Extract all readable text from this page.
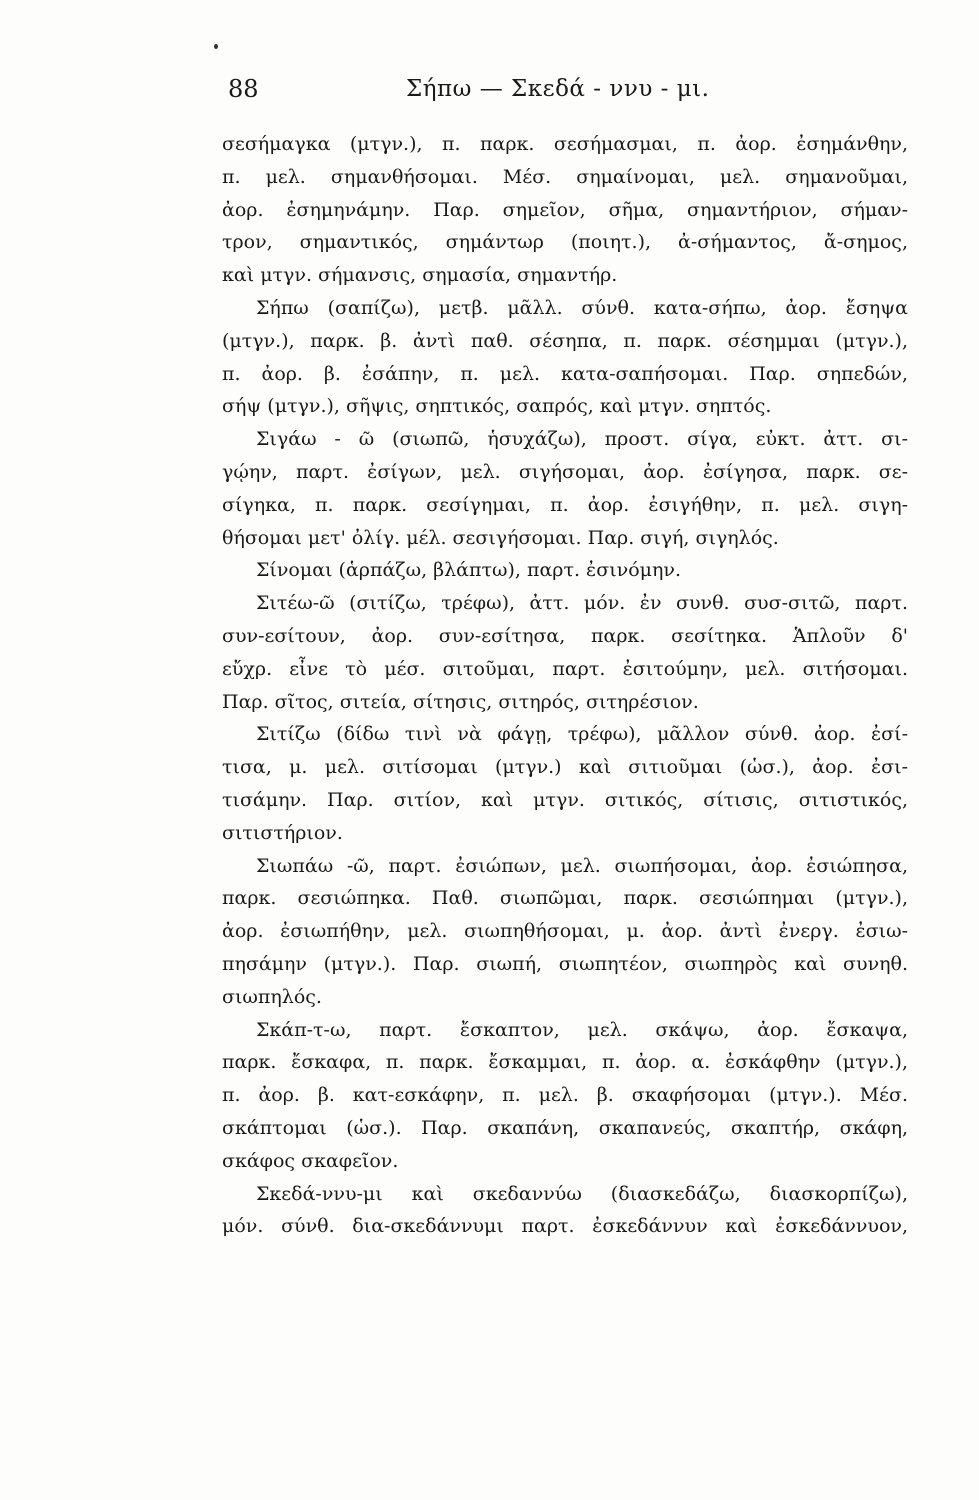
88	Σήπω — Σκεδά - ννυ - μι.
σεσήμαγκα (μτγν.), π. παρκ. σεσήμασμαι, π. ἀορ. ἐσημάνθην,
π. μελ. σημανθήσομαι. Μέσ. σημαίνομαι, μελ. σημανοῦμαι,
ἀορ. ἐσημηνάμην. Παρ. σημεῖον, σῆμα, σημαντήριον, σήμαν-
τρον, σημαντικός, σημάντωρ (ποιητ.), ἀ-σήμαντος, ἄ-σημος,
καὶ μτγν. σήμανσις, σημασία, σημαντήρ.
Σήπω (σαπίζω), μετβ. μᾶλλ. σύνθ. κατα-σήπω, ἀορ. ἔσηψα
(μτγν.), παρκ. β. ἀντὶ παθ. σέσηπα, π. παρκ. σέσημμαι (μτγν.),
π. ἀορ. β. ἐσάπην, π. μελ. κατα-σαπήσομαι. Παρ. σηπεδών,
σήψ (μτγν.), σῆψις, σηπτικός, σαπρός, καὶ μτγν. σηπτός.
Σιγάω - ῶ (σιωπῶ, ἡσυχάζω), προστ. σίγα, εὐκτ. ἀττ. σι-
γῴην, παρτ. ἐσίγων, μελ. σιγήσομαι, ἀορ. ἐσίγησα, παρκ. σε-
σίγηκα, π. παρκ. σεσίγημαι, π. ἀορ. ἐσιγήθην, π. μελ. σιγη-
θήσομαι μετ' ὀλίγ. μέλ. σεσιγήσομαι. Παρ. σιγή, σιγηλός.
Σίνομαι (ἁρπάζω, βλάπτω), παρτ. ἐσινόμην.
Σιτέω-ῶ (σιτίζω, τρέφω), ἀττ. μόν. ἐν συνθ. συσ-σιτῶ, παρτ.
συν-εσίτουν, ἀορ. συν-εσίτησα, παρκ. σεσίτηκα. Ἁπλοῦν δ'
εὔχρ. εἶνε τὸ μέσ. σιτοῦμαι, παρτ. ἐσιτούμην, μελ. σιτήσομαι.
Παρ. σῖτος, σιτεία, σίτησις, σιτηρός, σιτηρέσιον.
Σιτίζω (δίδω τινὶ νὰ φάγῃ, τρέφω), μᾶλλον σύνθ. ἀορ. ἐσί-
τισα, μ. μελ. σιτίσομαι (μτγν.) καὶ σιτιοῦμαι (ὡσ.), ἀορ. ἐσι-
τισάμην. Παρ. σιτίον, καὶ μτγν. σιτικός, σίτισις, σιτιστικός,
σιτιστήριον.
Σιωπάω -ῶ, παρτ. ἐσιώπων, μελ. σιωπήσομαι, ἀορ. ἐσιώπησα,
παρκ. σεσιώπηκα. Παθ. σιωπῶμαι, παρκ. σεσιώπημαι (μτγν.),
ἀορ. ἐσιωπήθην, μελ. σιωπηθήσομαι, μ. ἀορ. ἀντὶ ἐνεργ. ἐσιω-
πησάμην (μτγν.). Παρ. σιωπή, σιωπητέον, σιωπηρὸς καὶ συνηθ.
σιωπηλός.
Σκάπ-τ-ω, παρτ. ἔσκαπτον, μελ. σκάψω, ἀορ. ἔσκαψα,
παρκ. ἔσκαφα, π. παρκ. ἔσκαμμαι, π. ἀορ. α. ἐσκάφθην (μτγν.),
π. ἀορ. β. κατ-εσκάφην, π. μελ. β. σκαφήσομαι (μτγν.). Μέσ.
σκάπτομαι (ὡσ.). Παρ. σκαπάνη, σκαπανεύς, σκαπτήρ, σκάφη,
σκάφος σκαφεῖον.
Σκεδά-ννυ-μι καὶ σκεδαννύω (διασκεδάζω, διασκορπίζω),
μόν. σύνθ. δια-σκεδάννυμι παρτ. ἐσκεδάννυν καὶ ἐσκεδάννυον,
